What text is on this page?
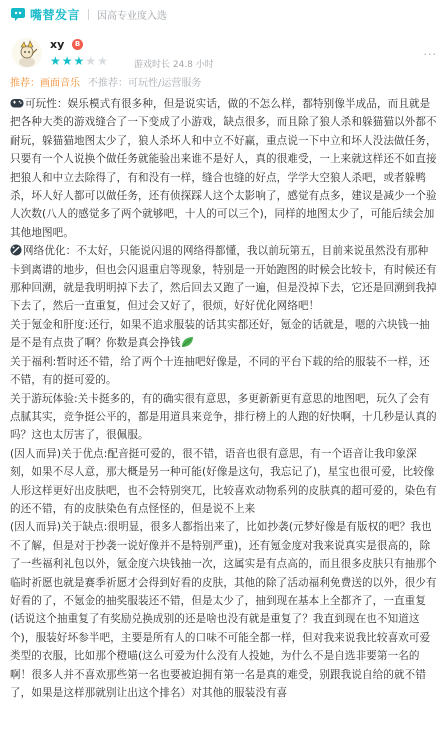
嘴替发言 因高专业度入选
xy	B
★ ★ ★ ★ ★	游戏时长 24.8 小时
···
推荐： 画面音乐 不推荐： 可玩性/运营服务

可玩性：娱乐模式有很多种，但是说实话，做的不怎么样，都特别像半成品，而且就是把各种大类的游戏缝合了一下变成了小游戏，缺点很多，而且除了狼人杀和躲猫猫以外都不耐玩，躲猫猫地图太少了，狼人杀坏人和中立不好赢，重点说一下中立和坏人没法做任务，只要有一个人说换个做任务就能验出来谁不是好人，真的很难受，一上来就这样还不如直接把狼人和中立去除得了，有和没有一样，缝合也缝的好点，学学大空狼人杀吧，或者躲鸭杀，坏人好人都可以做任务，还有侦探踩人这个太影响了，感觉有点多，建议是减少一个验人次数(八人的感觉多了两个就够吧，十人的可以三个)，同样的地图太少了，可能后续会加其他地图吧。

网络优化：不太好，只能说闪退的网络得都懂，我以前玩第五，目前来说虽然没有那种卡到离谱的地步，但也会闪退重启等现象，特别是一开始跑图的时候会比较卡，有时候还有那种回溯，就是我明明掉下去了，然后回去又跑了一遍，但是没掉下去，它还是回溯到我掉下去了，然后一直重复，但过会又好了，很烦，好好优化网络吧！

关于氪金和肝度:还行，如果不追求服装的话其实都还好，氪金的话就是，嗯的六块钱一抽是不是有点贵了啊？你数是真会挣钱

关于福利:暂时还不错，给了两个十连抽吧好像是，不同的平台下载的给的服装不一样，还不错，有的挺可爱的。

关于游玩体验:关卡挺多的，有的确实很有意思，多更新新更有意思的地图吧，玩久了会有点腻其实，竞争挺公平的，都是用道具来竞争，排行榜上的人跑的好快啊，十几秒是认真的吗？这也太厉害了，很佩服。

(因人而异)关于优点:配音挺可爱的，很不错，语音也很有意思，有一个语音让我印象深刻，如果不尽人意，那大概是另一种可能(好像是这句，我忘记了)，星宝也很可爱，比较像人形这样更好出皮肤吧，也不会特别突兀，比较喜欢动物系列的皮肤真的超可爱的，染色有的还不错，有的皮肤染色有点怪怪的，但是说不上来

(因人而异)关于缺点:很明显，很多人都指出来了，比如抄袭(元梦好像是有版权的吧？我也不了解，但是对于抄袭一说好像并不是特别严重)，还有氪金度对我来说真实是很高的，除了一些福利礼包以外，氪金度六块钱抽一次，这属实是有点高的，而且很多皮肤只有抽那个临时祈愿也就是赛季祈愿才会得到好看的皮肤，其他的除了活动福利免费送的以外，很少有好看的了，不氪金的抽奖服装还不错，但是太少了，抽到现在基本上全都齐了，一直重复(话说这个抽重复了有奖励兑换成别的还是啥也没有就是重复了？我直到现在也不知道这个)，服装好坏参半吧，主要是所有人的口味不可能全都一样，但对我来说我比较喜欢可爱类型的衣服，比如那个橙喵(这么可爱为什么没有人投她，为什么不是自选非要第一名的啊！很多人并不喜欢那些第一名也要被迫拥有第一名是真的难受，别跟我说自给的就不错了，如果是这样那就别让出这个排名）对其他的服装没有喜
